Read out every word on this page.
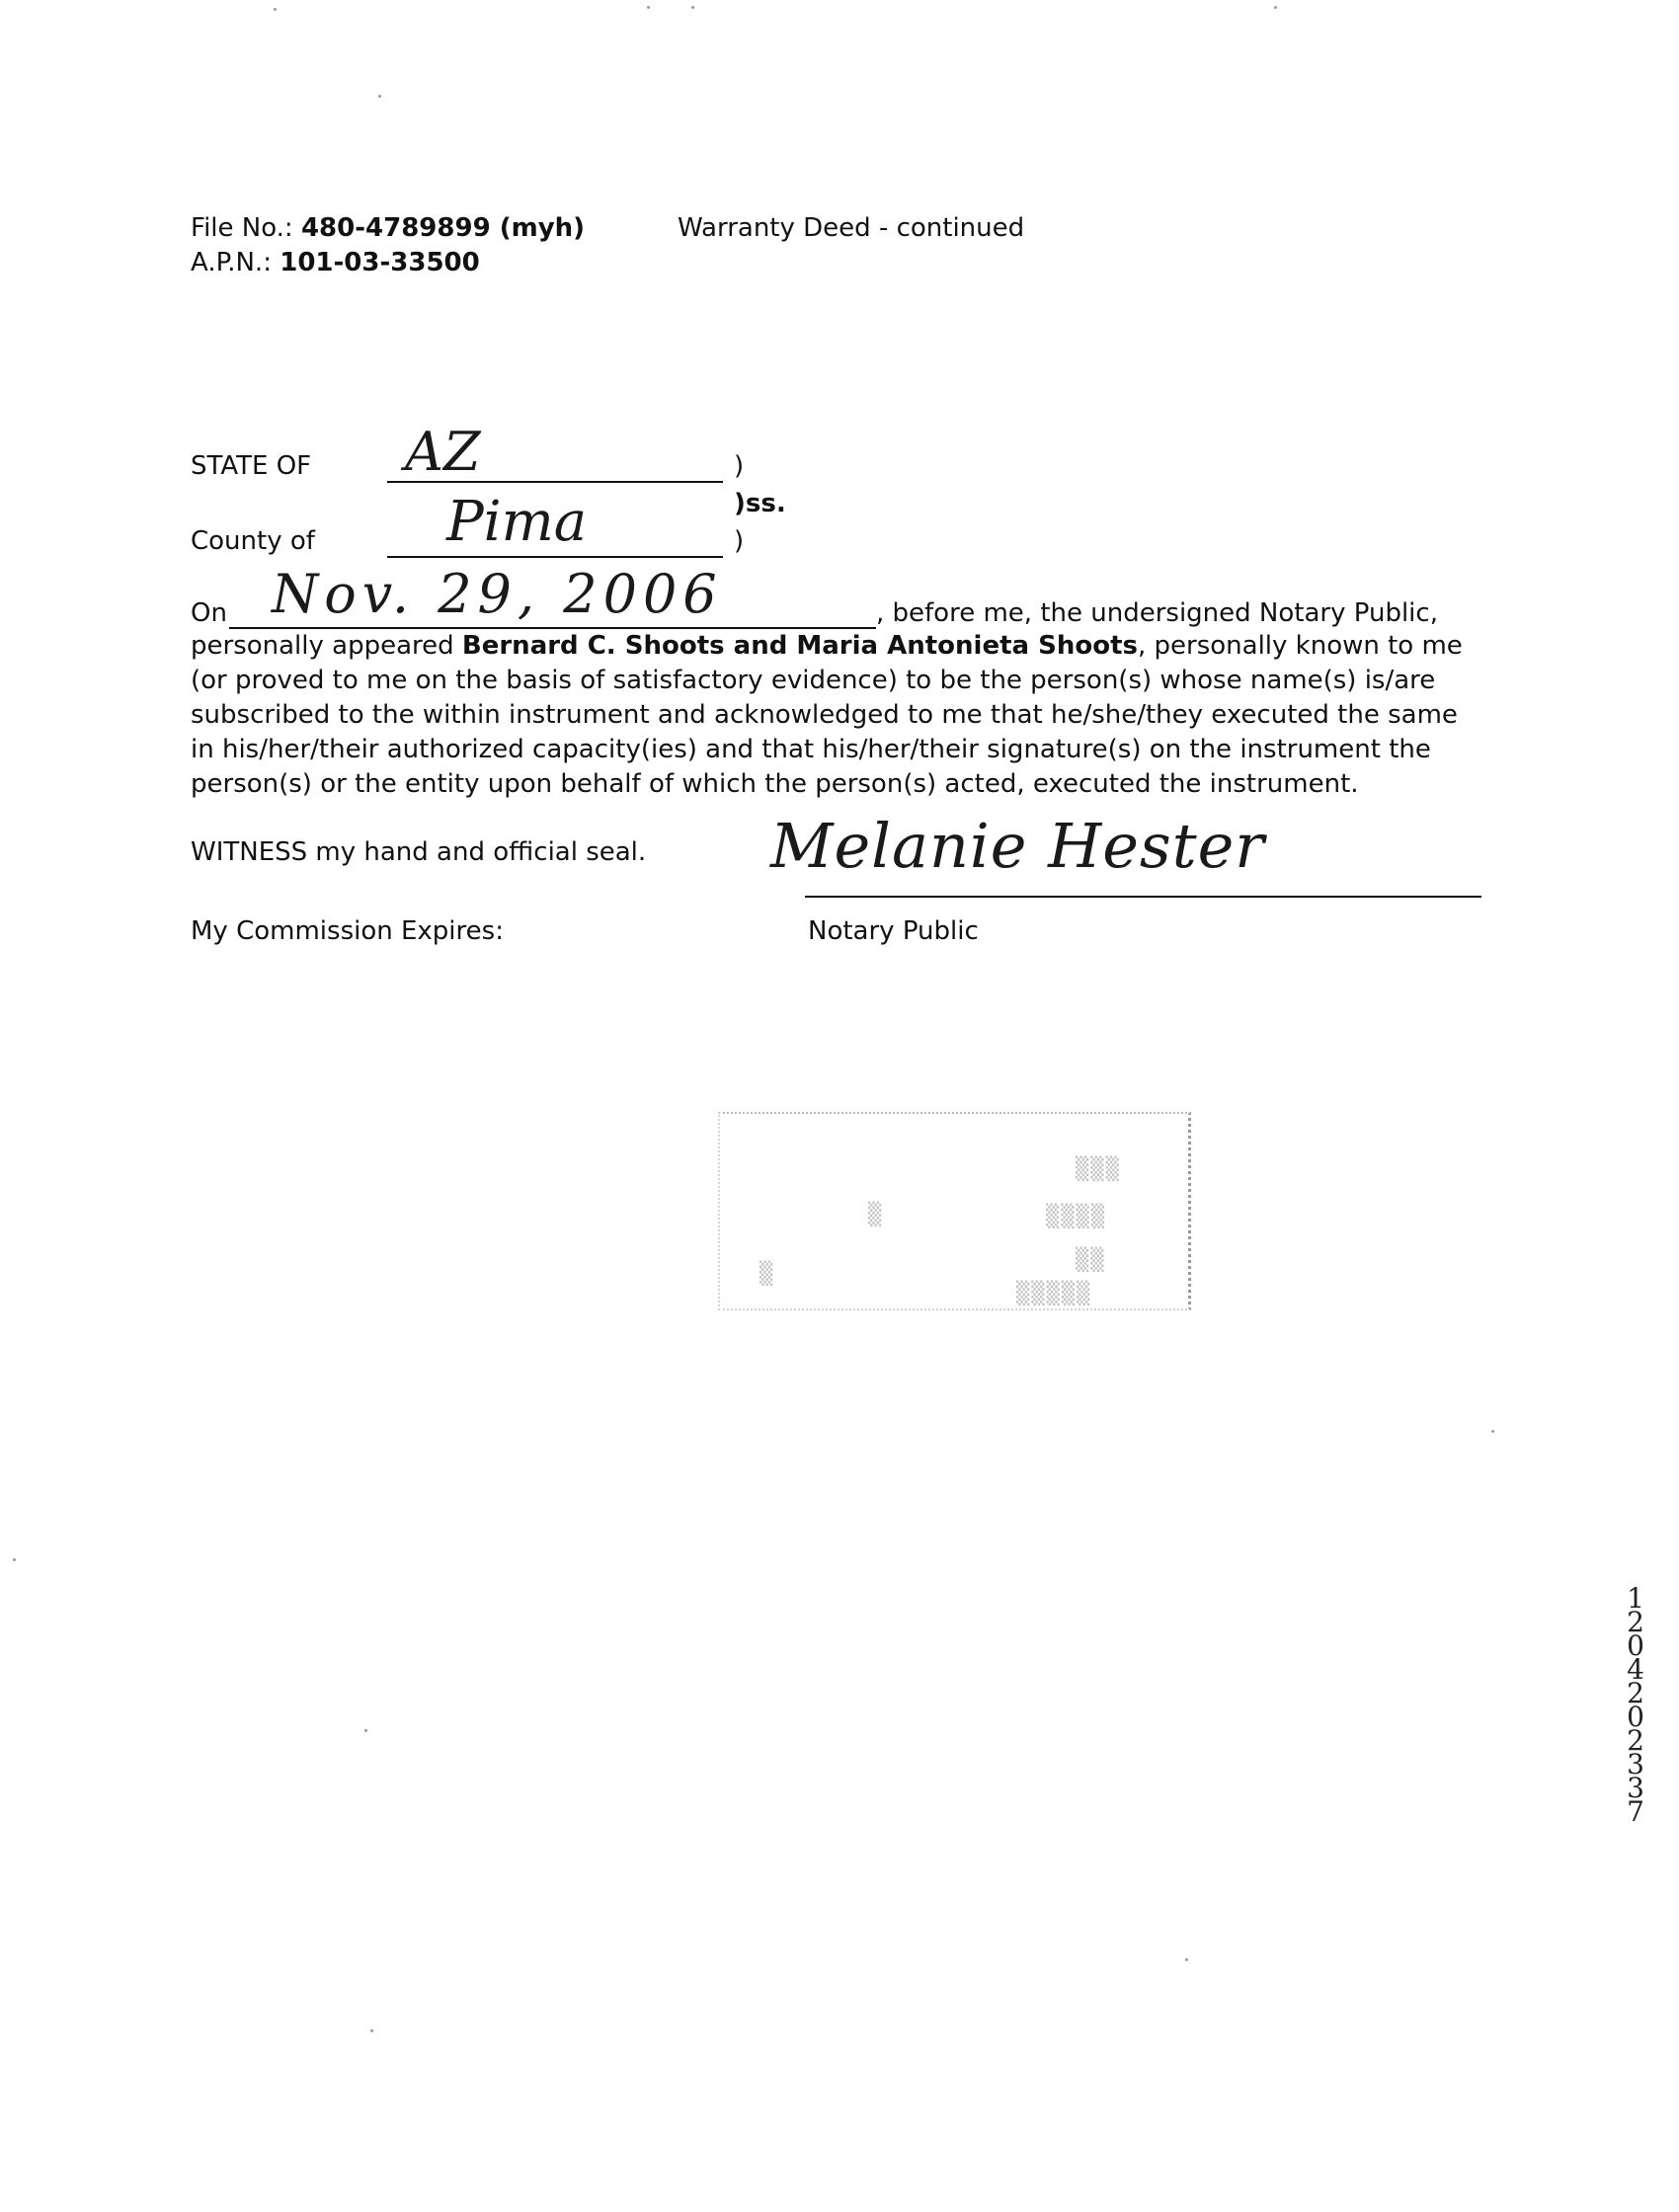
File No.: 480-4789899 (myh)
A.P.N.: 101-03-33500
Warranty Deed - continued
STATE OF AZ	)
)ss.
County of Pima	)
On Nov. 29, 2006	, before me, the undersigned Notary Public,

personally appeared Bernard C. Shoots and Maria Antonieta Shoots, personally known to me (or proved to me on the basis of satisfactory evidence) to be the person(s) whose name(s) is/are subscribed to the within instrument and acknowledged to me that he/she/they executed the same in his/her/their authorized capacity(ies) and that his/her/their signature(s) on the instrument the person(s) or the entity upon behalf of which the person(s) acted, executed the instrument.

WITNESS my hand and official seal. Melanie Hester
Notary Public
My Commission Expires:
▒▒▒
▒▒▒▒
▒▒
▒▒▒▒▒
▒
▒
12042 02337
